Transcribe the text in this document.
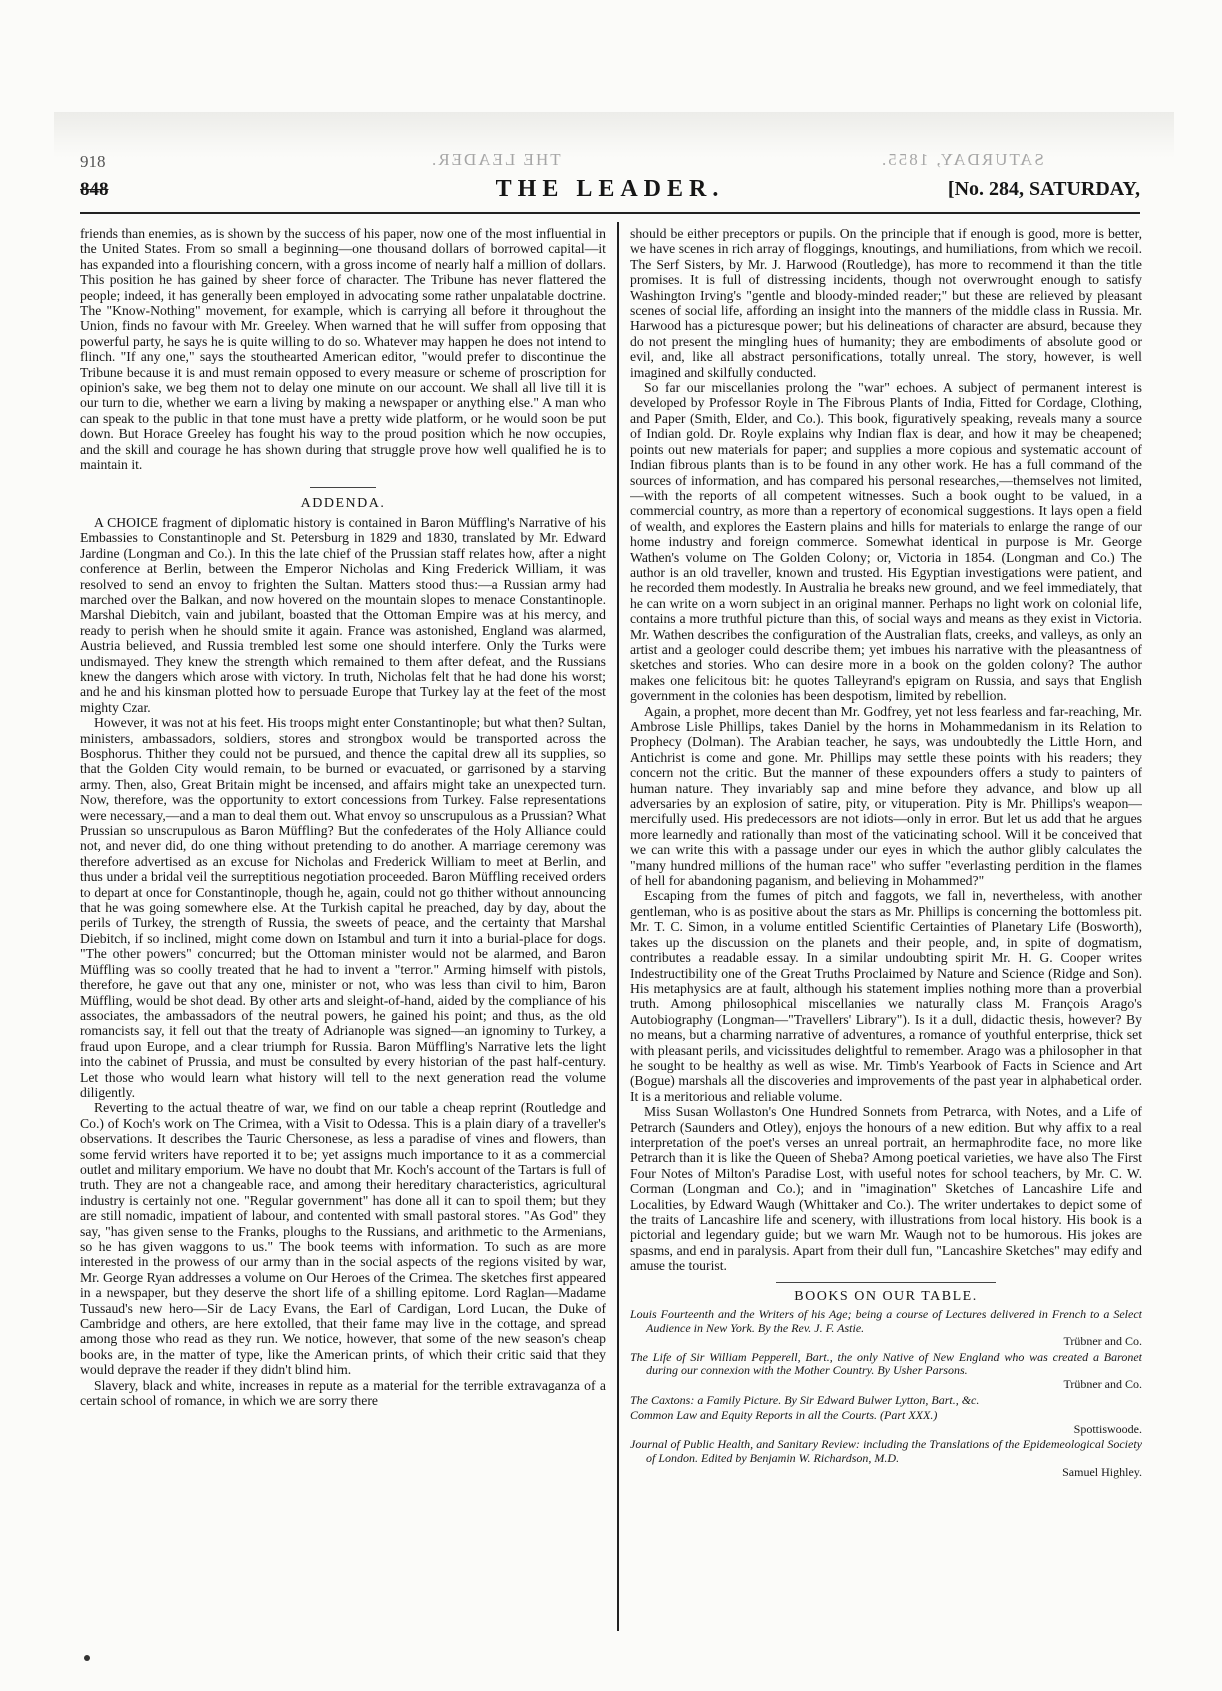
THE LEADER.	SATURDAY, 1855.
918
848	THE LEADER.	[No. 284, SATURDAY,

friends than enemies, as is shown by the success of his paper, now one of the most influential in the United States. From so small a beginning—one thousand dollars of borrowed capital—it has expanded into a flourishing concern, with a gross income of nearly half a million of dollars. This position he has gained by sheer force of character. The Tribune has never flattered the people; indeed, it has generally been employed in advocating some rather unpalatable doctrine. The "Know-Nothing" movement, for example, which is carrying all before it throughout the Union, finds no favour with Mr. Greeley. When warned that he will suffer from opposing that powerful party, he says he is quite willing to do so. Whatever may happen he does not intend to flinch. "If any one," says the stouthearted American editor, "would prefer to discontinue the Tribune because it is and must remain opposed to every measure or scheme of proscription for opinion's sake, we beg them not to delay one minute on our account. We shall all live till it is our turn to die, whether we earn a living by making a newspaper or anything else." A man who can speak to the public in that tone must have a pretty wide platform, or he would soon be put down. But Horace Greeley has fought his way to the proud position which he now occupies, and the skill and courage he has shown during that struggle prove how well qualified he is to maintain it.

ADDENDA.

A CHOICE fragment of diplomatic history is contained in Baron Müffling's Narrative of his Embassies to Constantinople and St. Petersburg in 1829 and 1830, translated by Mr. Edward Jardine (Longman and Co.). In this the late chief of the Prussian staff relates how, after a night conference at Berlin, between the Emperor Nicholas and King Frederick William, it was resolved to send an envoy to frighten the Sultan. Matters stood thus:—a Russian army had marched over the Balkan, and now hovered on the mountain slopes to menace Constantinople. Marshal Diebitch, vain and jubilant, boasted that the Ottoman Empire was at his mercy, and ready to perish when he should smite it again. France was astonished, England was alarmed, Austria believed, and Russia trembled lest some one should interfere. Only the Turks were undismayed. They knew the strength which remained to them after defeat, and the Russians knew the dangers which arose with victory. In truth, Nicholas felt that he had done his worst; and he and his kinsman plotted how to persuade Europe that Turkey lay at the feet of the most mighty Czar.

However, it was not at his feet. His troops might enter Constantinople; but what then? Sultan, ministers, ambassadors, soldiers, stores and strongbox would be transported across the Bosphorus. Thither they could not be pursued, and thence the capital drew all its supplies, so that the Golden City would remain, to be burned or evacuated, or garrisoned by a starving army. Then, also, Great Britain might be incensed, and affairs might take an unexpected turn. Now, therefore, was the opportunity to extort concessions from Turkey. False representations were necessary,—and a man to deal them out. What envoy so unscrupulous as a Prussian? What Prussian so unscrupulous as Baron Müffling? But the confederates of the Holy Alliance could not, and never did, do one thing without pretending to do another. A marriage ceremony was therefore advertised as an excuse for Nicholas and Frederick William to meet at Berlin, and thus under a bridal veil the surreptitious negotiation proceeded. Baron Müffling received orders to depart at once for Constantinople, though he, again, could not go thither without announcing that he was going somewhere else. At the Turkish capital he preached, day by day, about the perils of Turkey, the strength of Russia, the sweets of peace, and the certainty that Marshal Diebitch, if so inclined, might come down on Istambul and turn it into a burial-place for dogs. "The other powers" concurred; but the Ottoman minister would not be alarmed, and Baron Müffling was so coolly treated that he had to invent a "terror." Arming himself with pistols, therefore, he gave out that any one, minister or not, who was less than civil to him, Baron Müffling, would be shot dead. By other arts and sleight-of-hand, aided by the compliance of his associates, the ambassadors of the neutral powers, he gained his point; and thus, as the old romancists say, it fell out that the treaty of Adrianople was signed—an ignominy to Turkey, a fraud upon Europe, and a clear triumph for Russia. Baron Müffling's Narrative lets the light into the cabinet of Prussia, and must be consulted by every historian of the past half-century. Let those who would learn what history will tell to the next generation read the volume diligently.

Reverting to the actual theatre of war, we find on our table a cheap reprint (Routledge and Co.) of Koch's work on The Crimea, with a Visit to Odessa. This is a plain diary of a traveller's observations. It describes the Tauric Chersonese, as less a paradise of vines and flowers, than some fervid writers have reported it to be; yet assigns much importance to it as a commercial outlet and military emporium. We have no doubt that Mr. Koch's account of the Tartars is full of truth. They are not a changeable race, and among their hereditary characteristics, agricultural industry is certainly not one. "Regular government" has done all it can to spoil them; but they are still nomadic, impatient of labour, and contented with small pastoral stores. "As God" they say, "has given sense to the Franks, ploughs to the Russians, and arithmetic to the Armenians, so he has given waggons to us." The book teems with information. To such as are more interested in the prowess of our army than in the social aspects of the regions visited by war, Mr. George Ryan addresses a volume on Our Heroes of the Crimea. The sketches first appeared in a newspaper, but they deserve the short life of a shilling epitome. Lord Raglan—Madame Tussaud's new hero—Sir de Lacy Evans, the Earl of Cardigan, Lord Lucan, the Duke of Cambridge and others, are here extolled, that their fame may live in the cottage, and spread among those who read as they run. We notice, however, that some of the new season's cheap books are, in the matter of type, like the American prints, of which their critic said that they would deprave the reader if they didn't blind him.

Slavery, black and white, increases in repute as a material for the terrible extravaganza of a certain school of romance, in which we are sorry there

should be either preceptors or pupils. On the principle that if enough is good, more is better, we have scenes in rich array of floggings, knoutings, and humiliations, from which we recoil. The Serf Sisters, by Mr. J. Harwood (Routledge), has more to recommend it than the title promises. It is full of distressing incidents, though not overwrought enough to satisfy Washington Irving's "gentle and bloody-minded reader;" but these are relieved by pleasant scenes of social life, affording an insight into the manners of the middle class in Russia. Mr. Harwood has a picturesque power; but his delineations of character are absurd, because they do not present the mingling hues of humanity; they are embodiments of absolute good or evil, and, like all abstract personifications, totally unreal. The story, however, is well imagined and skilfully conducted.

So far our miscellanies prolong the "war" echoes. A subject of permanent interest is developed by Professor Royle in The Fibrous Plants of India, Fitted for Cordage, Clothing, and Paper (Smith, Elder, and Co.). This book, figuratively speaking, reveals many a source of Indian gold. Dr. Royle explains why Indian flax is dear, and how it may be cheapened; points out new materials for paper; and supplies a more copious and systematic account of Indian fibrous plants than is to be found in any other work. He has a full command of the sources of information, and has compared his personal researches,—themselves not limited,—with the reports of all competent witnesses. Such a book ought to be valued, in a commercial country, as more than a repertory of economical suggestions. It lays open a field of wealth, and explores the Eastern plains and hills for materials to enlarge the range of our home industry and foreign commerce. Somewhat identical in purpose is Mr. George Wathen's volume on The Golden Colony; or, Victoria in 1854. (Longman and Co.) The author is an old traveller, known and trusted. His Egyptian investigations were patient, and he recorded them modestly. In Australia he breaks new ground, and we feel immediately, that he can write on a worn subject in an original manner. Perhaps no light work on colonial life, contains a more truthful picture than this, of social ways and means as they exist in Victoria. Mr. Wathen describes the configuration of the Australian flats, creeks, and valleys, as only an artist and a geologer could describe them; yet imbues his narrative with the pleasantness of sketches and stories. Who can desire more in a book on the golden colony? The author makes one felicitous bit: he quotes Talleyrand's epigram on Russia, and says that English government in the colonies has been despotism, limited by rebellion.

Again, a prophet, more decent than Mr. Godfrey, yet not less fearless and far-reaching, Mr. Ambrose Lisle Phillips, takes Daniel by the horns in Mohammedanism in its Relation to Prophecy (Dolman). The Arabian teacher, he says, was undoubtedly the Little Horn, and Antichrist is come and gone. Mr. Phillips may settle these points with his readers; they concern not the critic. But the manner of these expounders offers a study to painters of human nature. They invariably sap and mine before they advance, and blow up all adversaries by an explosion of satire, pity, or vituperation. Pity is Mr. Phillips's weapon—mercifully used. His predecessors are not idiots—only in error. But let us add that he argues more learnedly and rationally than most of the vaticinating school. Will it be conceived that we can write this with a passage under our eyes in which the author glibly calculates the "many hundred millions of the human race" who suffer "everlasting perdition in the flames of hell for abandoning paganism, and believing in Mohammed?"

Escaping from the fumes of pitch and faggots, we fall in, nevertheless, with another gentleman, who is as positive about the stars as Mr. Phillips is concerning the bottomless pit. Mr. T. C. Simon, in a volume entitled Scientific Certainties of Planetary Life (Bosworth), takes up the discussion on the planets and their people, and, in spite of dogmatism, contributes a readable essay. In a similar undoubting spirit Mr. H. G. Cooper writes Indestructibility one of the Great Truths Proclaimed by Nature and Science (Ridge and Son). His metaphysics are at fault, although his statement implies nothing more than a proverbial truth. Among philosophical miscellanies we naturally class M. François Arago's Autobiography (Longman—"Travellers' Library"). Is it a dull, didactic thesis, however? By no means, but a charming narrative of adventures, a romance of youthful enterprise, thick set with pleasant perils, and vicissitudes delightful to remember. Arago was a philosopher in that he sought to be healthy as well as wise. Mr. Timb's Yearbook of Facts in Science and Art (Bogue) marshals all the discoveries and improvements of the past year in alphabetical order. It is a meritorious and reliable volume.

Miss Susan Wollaston's One Hundred Sonnets from Petrarca, with Notes, and a Life of Petrarch (Saunders and Otley), enjoys the honours of a new edition. But why affix to a real interpretation of the poet's verses an unreal portrait, an hermaphrodite face, no more like Petrarch than it is like the Queen of Sheba? Among poetical varieties, we have also The First Four Notes of Milton's Paradise Lost, with useful notes for school teachers, by Mr. C. W. Corman (Longman and Co.); and in "imagination" Sketches of Lancashire Life and Localities, by Edward Waugh (Whittaker and Co.). The writer undertakes to depict some of the traits of Lancashire life and scenery, with illustrations from local history. His book is a pictorial and legendary guide; but we warn Mr. Waugh not to be humorous. His jokes are spasms, and end in paralysis. Apart from their dull fun, "Lancashire Sketches" may edify and amuse the tourist.

BOOKS ON OUR TABLE.
Louis Fourteenth and the Writers of his Age; being a course of Lectures delivered in French to a Select Audience in New York. By the Rev. J. F. Astie.
Trübner and Co.
The Life of Sir William Pepperell, Bart., the only Native of New England who was created a Baronet during our connexion with the Mother Country. By Usher Parsons.
Trübner and Co.
The Caxtons: a Family Picture. By Sir Edward Bulwer Lytton, Bart., &c.
Common Law and Equity Reports in all the Courts. (Part XXX.)
Spottiswoode.
Journal of Public Health, and Sanitary Review: including the Translations of the Epidemeological Society of London. Edited by Benjamin W. Richardson, M.D.
Samuel Highley.
